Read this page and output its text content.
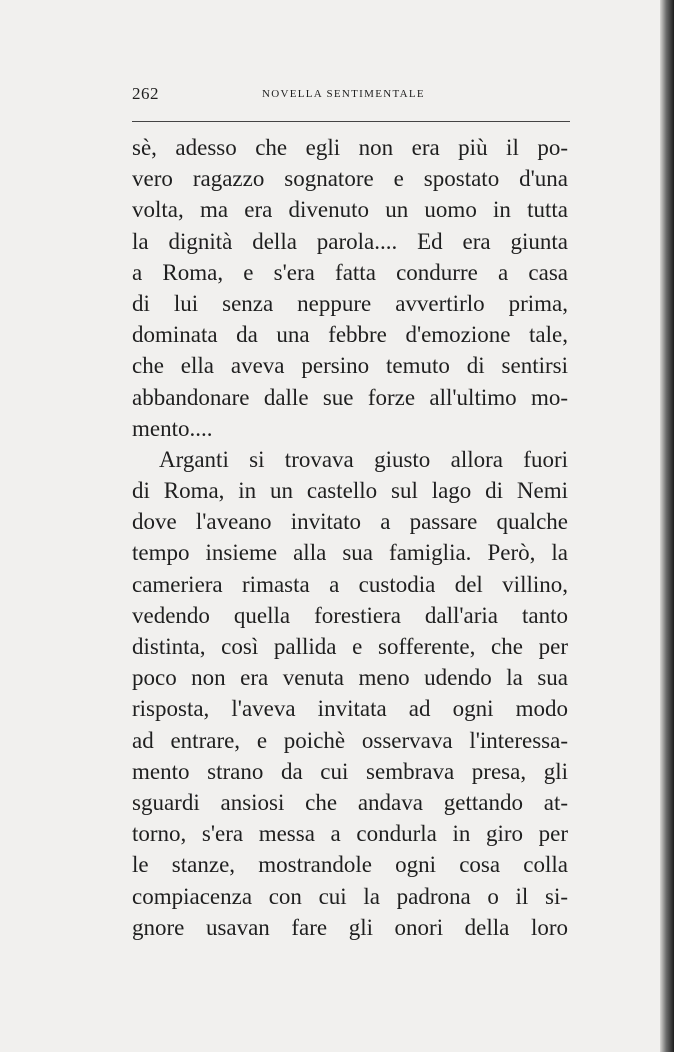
262	NOVELLA SENTIMENTALE
sè, adesso che egli non era più il po-
vero ragazzo sognatore e spostato d'una
volta, ma era divenuto un uomo in tutta
la dignità della parola.... Ed era giunta
a Roma, e s'era fatta condurre a casa
di lui senza neppure avvertirlo prima,
dominata da una febbre d'emozione tale,
che ella aveva persino temuto di sentirsi
abbandonare dalle sue forze all'ultimo mo-
mento....
Arganti si trovava giusto allora fuori
di Roma, in un castello sul lago di Nemi
dove l'aveano invitato a passare qualche
tempo insieme alla sua famiglia. Però, la
cameriera rimasta a custodia del villino,
vedendo quella forestiera dall'aria tanto
distinta, così pallida e sofferente, che per
poco non era venuta meno udendo la sua
risposta, l'aveva invitata ad ogni modo
ad entrare, e poichè osservava l'interessa-
mento strano da cui sembrava presa, gli
sguardi ansiosi che andava gettando at-
torno, s'era messa a condurla in giro per
le stanze, mostrandole ogni cosa colla
compiacenza con cui la padrona o il si-
gnore usavan fare gli onori della loro
